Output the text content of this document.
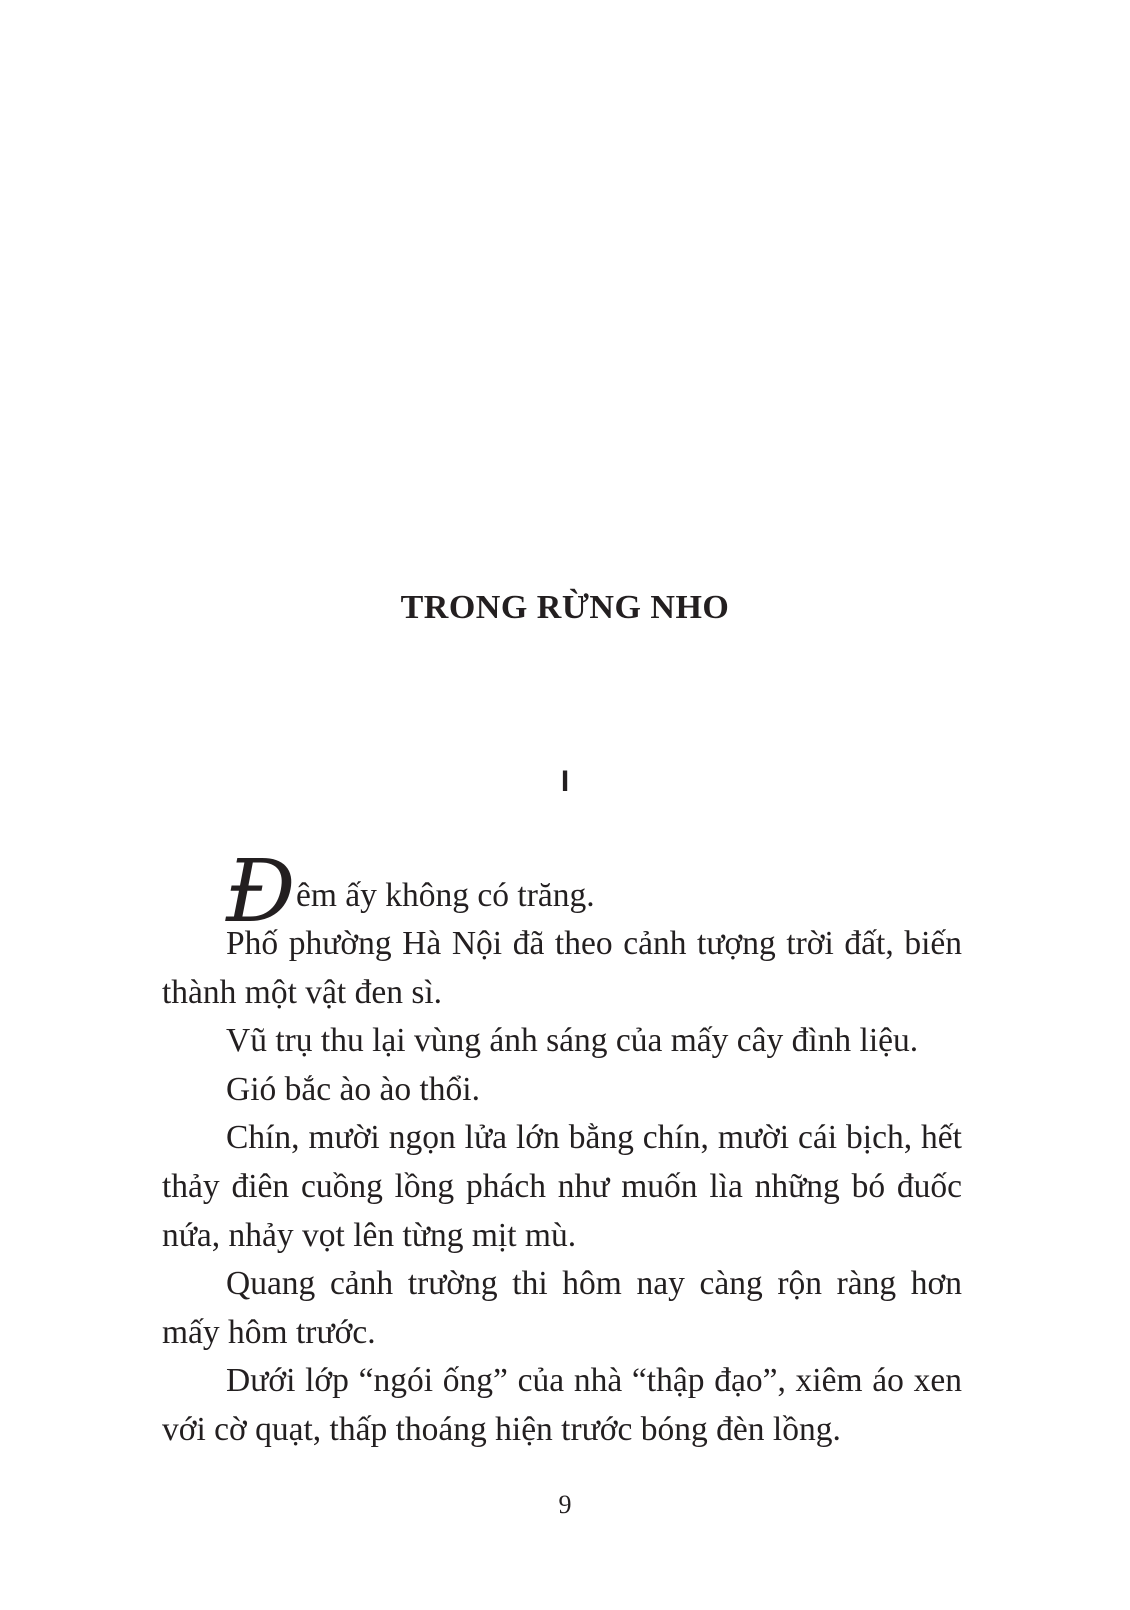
TRONG RỪNG NHO
I
Đ êm ấy không có trăng.

Phố phường Hà Nội đã theo cảnh tượng trời đất, biến thành một vật đen sì.

Vũ trụ thu lại vùng ánh sáng của mấy cây đình liệu.

Gió bắc ào ào thổi.

Chín, mười ngọn lửa lớn bằng chín, mười cái bịch, hết thảy điên cuồng lồng phách như muốn lìa những bó đuốc nứa, nhảy vọt lên từng mịt mù.

Quang cảnh trường thi hôm nay càng rộn ràng hơn mấy hôm trước.

Dưới lớp “ngói ống” của nhà “thập đạo”, xiêm áo xen với cờ quạt, thấp thoáng hiện trước bóng đèn lồng.

9
